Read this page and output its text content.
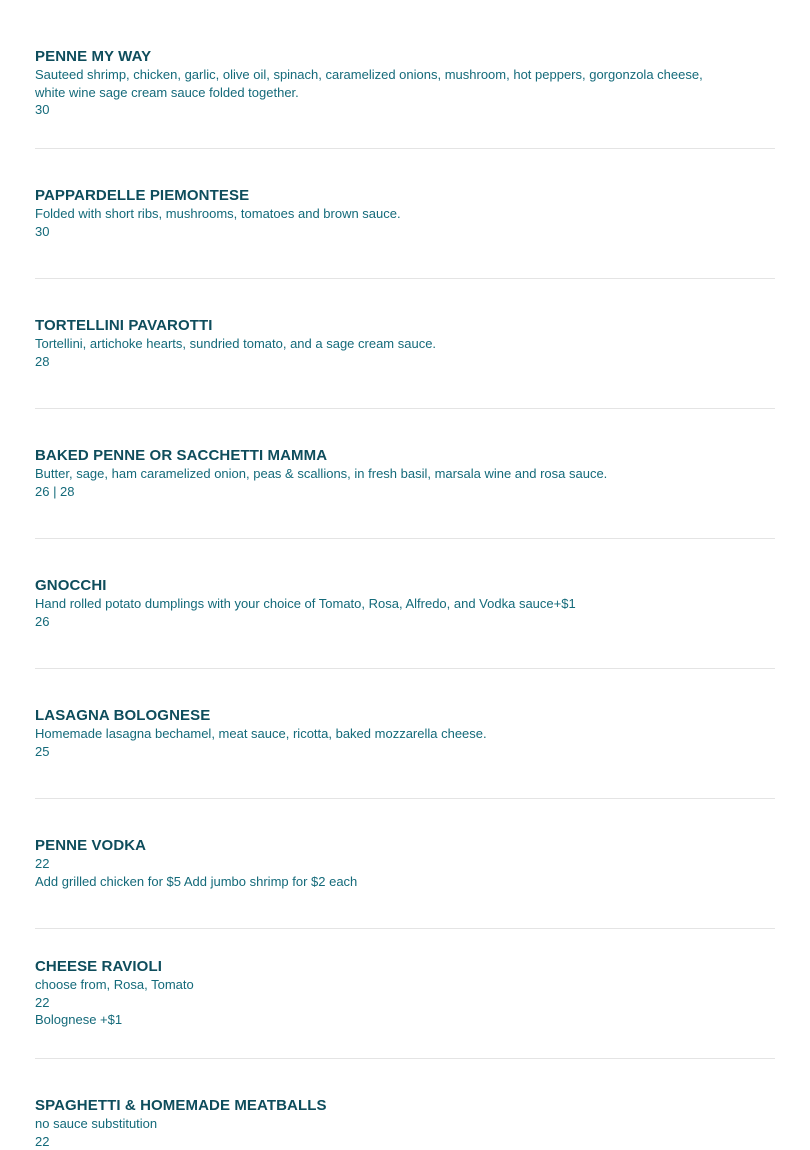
PENNE MY WAY
Sauteed shrimp, chicken, garlic, olive oil, spinach, caramelized onions, mushroom, hot peppers, gorgonzola cheese,
white wine sage cream sauce folded together.
30
PAPPARDELLE PIEMONTESE
Folded with short ribs, mushrooms, tomatoes and brown sauce.
30
TORTELLINI PAVAROTTI
Tortellini, artichoke hearts, sundried tomato, and a sage cream sauce.
28
BAKED PENNE OR SACCHETTI MAMMA
Butter, sage, ham caramelized onion, peas & scallions, in fresh basil, marsala wine and rosa sauce.
26 | 28
GNOCCHI
Hand rolled potato dumplings with your choice of Tomato, Rosa, Alfredo, and Vodka sauce+$1
26
LASAGNA BOLOGNESE
Homemade lasagna bechamel, meat sauce, ricotta, baked mozzarella cheese.
25
PENNE VODKA
22
Add grilled chicken for $5 Add jumbo shrimp for $2 each
CHEESE RAVIOLI
choose from, Rosa, Tomato
22
Bolognese +$1
SPAGHETTI & HOMEMADE MEATBALLS
no sauce substitution
22
